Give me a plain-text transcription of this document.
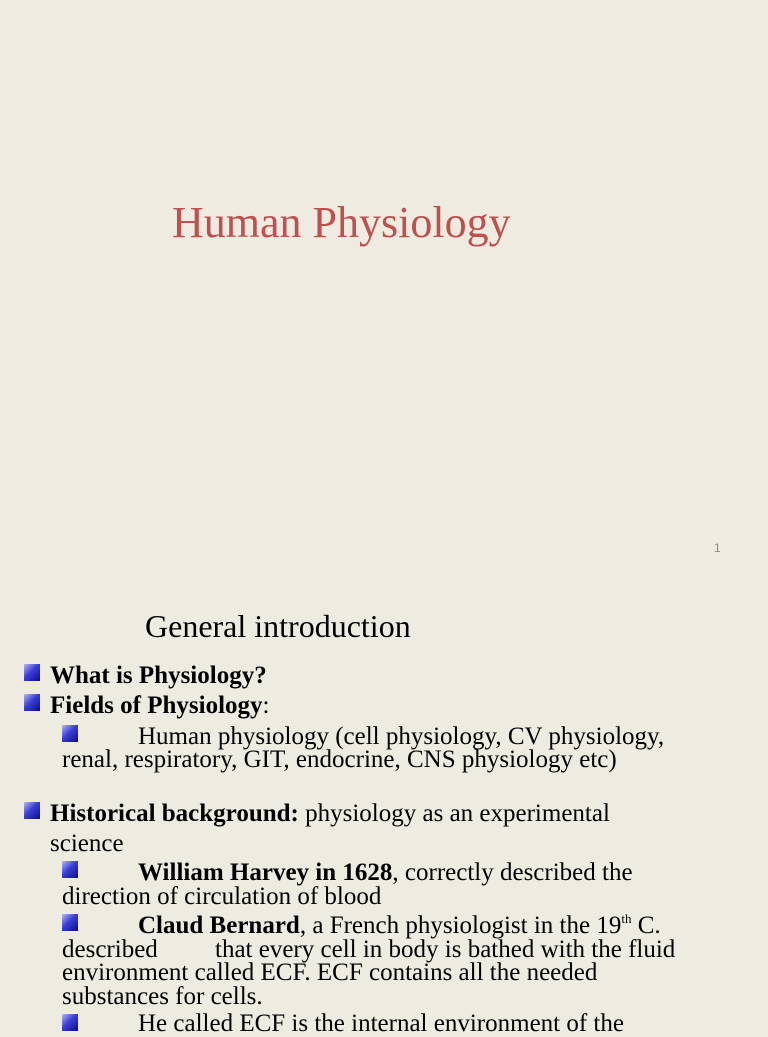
Human Physiology
1
General introduction
What is Physiology?
Fields of Physiology:
Human physiology (cell physiology, CV physiology,
renal, respiratory, GIT, endocrine, CNS physiology etc)
Historical background: physiology as an experimental
science
William Harvey in 1628, correctly described the
direction of circulation of blood
Claud Bernard, a French physiologist in the 19th C.
described that every cell in body is bathed with the fluid
environment called ECF. ECF contains all the needed
substances for cells.
He called ECF is the internal environment of the
